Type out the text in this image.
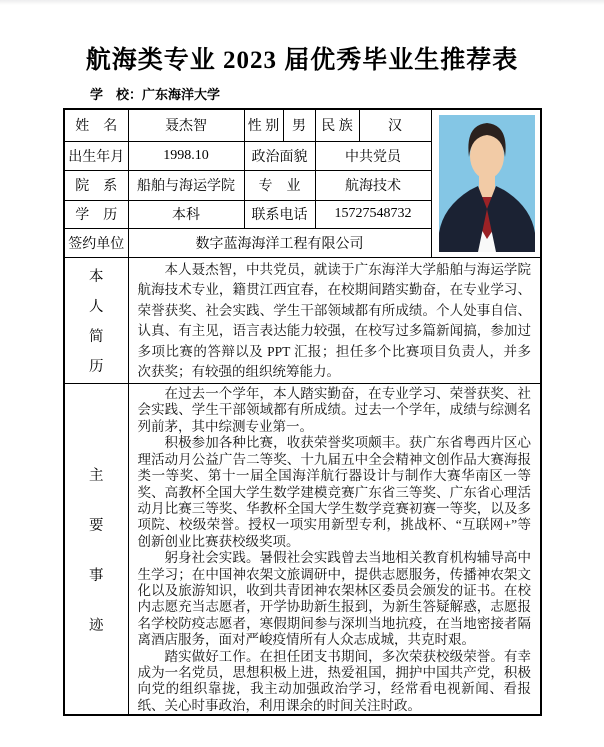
航海类专业 2023 届优秀毕业生推荐表
学　校：广东海洋大学
姓　名	聂杰智	性 别	男	民 族	汉	

出生年月	1998.10	政治面貌		中共党员		
院　系	船舶与海运学院	专　业		航海技术		
学　历	本科	联系电话		15727548732		
签约单位	数字蓝海海洋工程有限公司					

本
人
简
历	本人聂杰智，中共党员，就读于广东海洋大学船舶与海运学院航海技术专业，籍贯江西宜春，在校期间踏实勤奋，在专业学习、荣誉获奖、社会实践、学生干部领域都有所成绩。个人处事自信、认真、有主见，语言表达能力较强，在校写过多篇新闻搞，参加过多项比赛的答辩以及 PPT 汇报；担任多个比赛项目负责人，并多次获奖；有较强的组织统筹能力。					

主
要
事
迹

在过去一个学年，本人踏实勤奋，在专业学习、荣誉获奖、社会实践、学生干部领域都有所成绩。过去一个学年，成绩与综测名列前茅，其中综测专业第一。

积极参加各种比赛，收获荣誉奖项颇丰。获广东省粤西片区心理活动月公益广告二等奖、十九届五中全会精神文创作品大赛海报类一等奖、第十一届全国海洋航行器设计与制作大赛华南区一等奖、高教杯全国大学生数学建模竞赛广东省三等奖、广东省心理活动月比赛三等奖、华教杯全国大学生数学竞赛初赛一等奖，以及多项院、校级荣誉。授权一项实用新型专利，挑战杯、“互联网+”等创新创业比赛获校级奖项。

躬身社会实践。暑假社会实践曾去当地相关教育机构辅导高中生学习；在中国神农架文旅调研中，提供志愿服务，传播神农架文化以及旅游知识，收到共青团神农架林区委员会颁发的证书。在校内志愿充当志愿者，开学协助新生报到，为新生答疑解惑，志愿报名学校防疫志愿者，寒假期间参与深圳当地抗疫，在当地密接者隔离酒店服务，面对严峻疫情所有人众志成城，共克时艰。

踏实做好工作。在担任团支书期间，多次荣获校级荣誉。有幸成为一名党员，思想积极上进，热爱祖国，拥护中国共产党，积极向党的组织靠拢，我主动加强政治学习，经常看电视新闻、看报纸、关心时事政治，利用课余的时间关注时政。
